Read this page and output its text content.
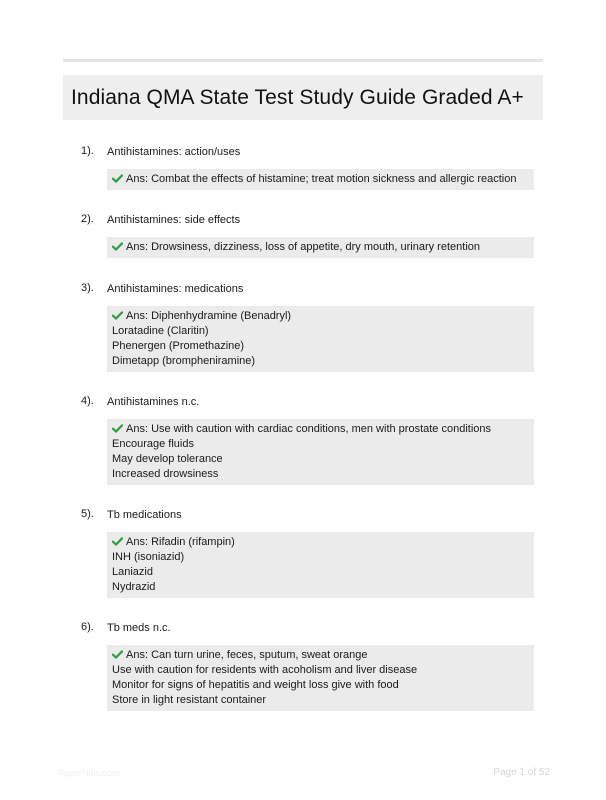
Indiana QMA State Test Study Guide Graded A+
1). Antihistamines: action/uses
Ans: Combat the effects of histamine; treat motion sickness and allergic reaction
2). Antihistamines: side effects
Ans: Drowsiness, dizziness, loss of appetite, dry mouth, urinary retention
3). Antihistamines: medications
Ans: Diphenhydramine (Benadryl)
Loratadine (Claritin)
Phenergen (Promethazine)
Dimetapp (brompheniramine)
4). Antihistamines n.c.
Ans: Use with caution with cardiac conditions, men with prostate conditions
Encourage fluids
May develop tolerance
Increased drowsiness
5). Tb medications
Ans: Rifadin (rifampin)
INH (isoniazid)
Laniazid
Nydrazid
6). Tb meds n.c.
Ans: Can turn urine, feces, sputum, sweat orange
Use with caution for residents with acoholism and liver disease
Monitor for signs of hepatitis and weight loss give with food
Store in light resistant container
PaperNibs.com	Page 1 of 52
